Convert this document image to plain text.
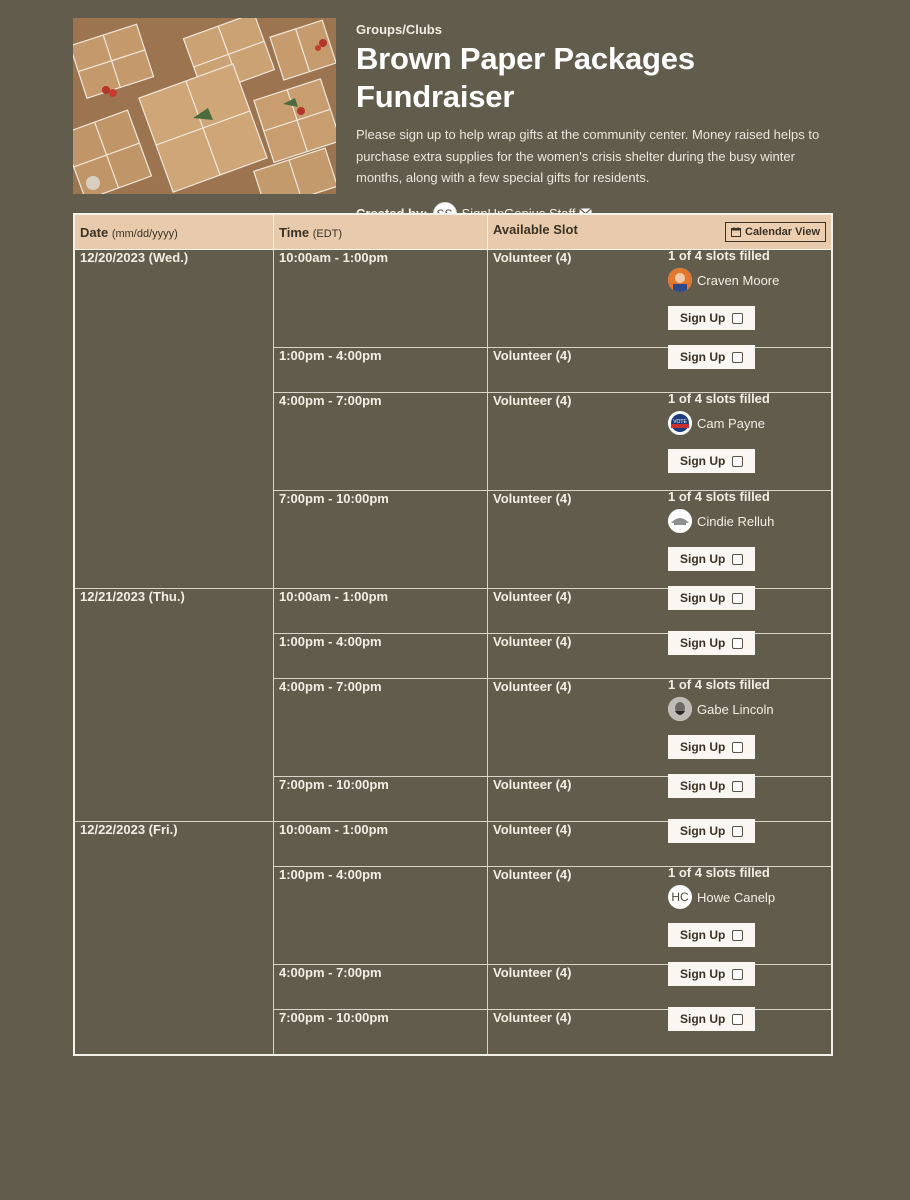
Groups/Clubs
Brown Paper Packages Fundraiser
Please sign up to help wrap gifts at the community center. Money raised helps to purchase extra supplies for the women's crisis shelter during the busy winter months, along with a few special gifts for residents.
Date (mm/dd/yyyy)	Time (EDT)	Available Slot Calendar View

12/20/2023 (Wed.)	10:00am - 1:00pm	Volunteer (4) 1 of 4 slots filled
Craven Moore
Sign Up

	1:00pm - 4:00pm	Volunteer (4) Sign Up

	4:00pm - 7:00pm	Volunteer (4) 1 of 4 slots filled
VOTE Cam Payne
Sign Up

	7:00pm - 10:00pm	Volunteer (4) 1 of 4 slots filled
Cindie Relluh
Sign Up

12/21/2023 (Thu.)	10:00am - 1:00pm	Volunteer (4) Sign Up

	1:00pm - 4:00pm	Volunteer (4) Sign Up

	4:00pm - 7:00pm	Volunteer (4) 1 of 4 slots filled
Gabe Lincoln
Sign Up

	7:00pm - 10:00pm	Volunteer (4) Sign Up

12/22/2023 (Fri.)	10:00am - 1:00pm	Volunteer (4) Sign Up

	1:00pm - 4:00pm	Volunteer (4) 1 of 4 slots filled
HC Howe Canelp
Sign Up

	4:00pm - 7:00pm	Volunteer (4) Sign Up

	7:00pm - 10:00pm	Volunteer (4) Sign Up
